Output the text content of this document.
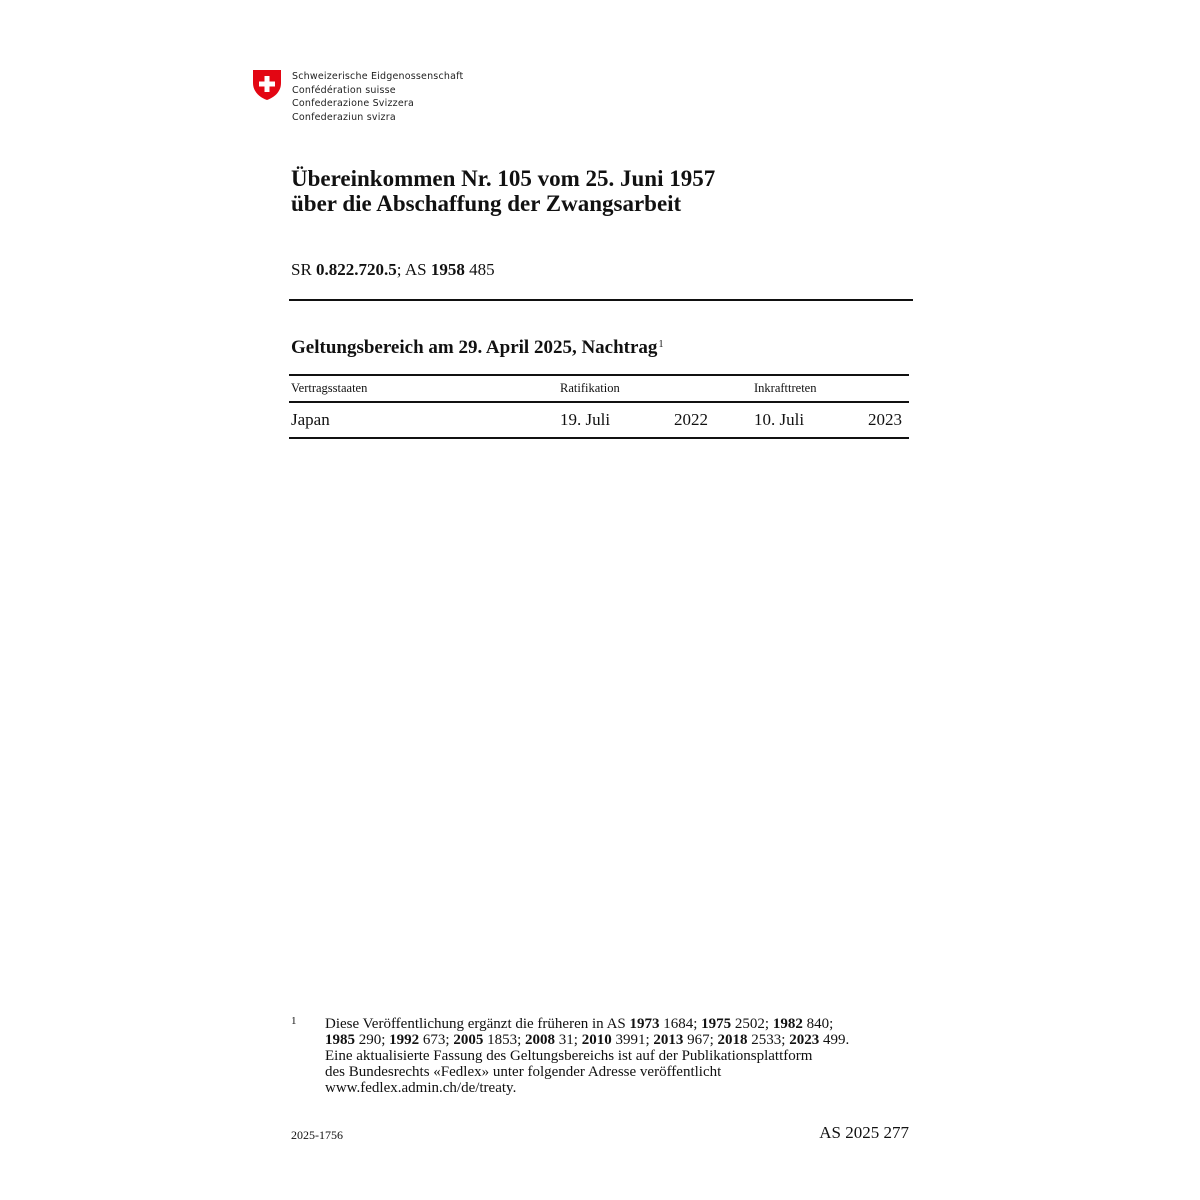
Schweizerische Eidgenossenschaft
Confédération suisse
Confederazione Svizzera
Confederaziun svizra
Übereinkommen Nr. 105 vom 25. Juni 1957
über die Abschaffung der Zwangsarbeit
SR 0.822.720.5; AS 1958 485
Geltungsbereich am 29. April 2025, Nachtrag$^1$
Vertragsstaaten	Ratifikation	Inkrafttreten
Japan	19. Juli	2022	10. Juli	2023
1 Diese Veröffentlichung ergänzt die früheren in AS 1973 1684; 1975 2502; 1982 840;
1985 290; 1992 673; 2005 1853; 2008 31; 2010 3991; 2013 967; 2018 2533; 2023 499.
Eine aktualisierte Fassung des Geltungsbereichs ist auf der Publikationsplattform
des Bundesrechts «Fedlex» unter folgender Adresse veröffentlicht
www.fedlex.admin.ch/de/treaty.
2025-1756	AS 2025 277
